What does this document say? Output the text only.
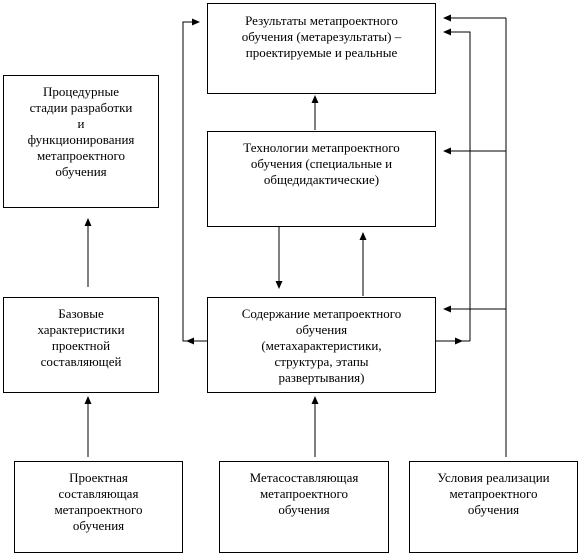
Результаты метапроектного
обучения (метарезультаты) –
проектируемые и реальные
Процедурные
стадии разработки
и
функционирования
метапроектного
обучения
Технологии метапроектного
обучения (специальные и
общедидактические)
Базовые
характеристики
проектной
составляющей
Содержание метапроектного
обучения
(метахарактеристики,
структура, этапы
развертывания)
Проектная
составляющая
метапроектного
обучения
Метасоставляющая
метапроектного
обучения
Условия реализации
метапроектного
обучения
